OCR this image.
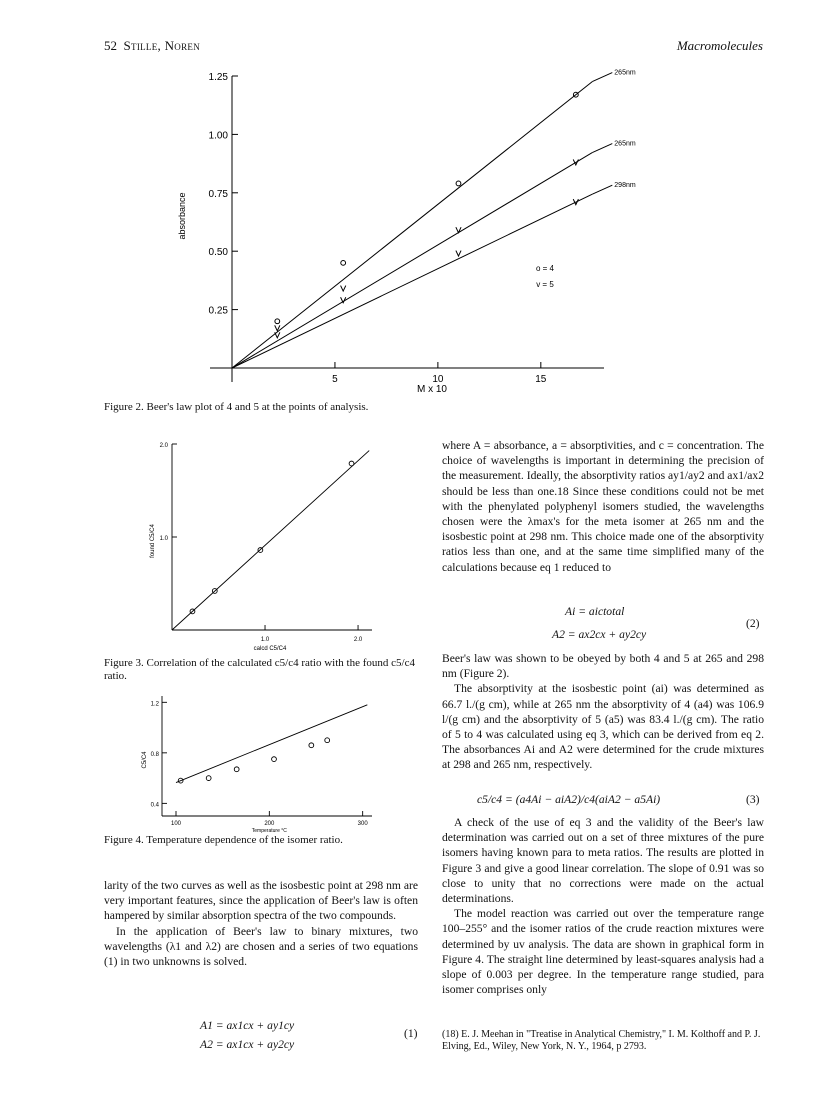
52 Stille, Noren	Macromolecules
0.25
0.50
0.75
1.00
1.25
5	10	15
absorbance
M x 10
265nm
265nm
298nm
o = 4
v = 5
Figure 2. Beer's law plot of 4 and 5 at the points of analysis.
1.0
2.0
1.0	2.0
calcd C5/C4
found C5/C4
Figure 3. Correlation of the calculated c5/c4 ratio with the found c5/c4 ratio.
0.4
0.8
1.2
100	200	300
Temperature °C
C5/C4
Figure 4. Temperature dependence of the isomer ratio.

larity of the two curves as well as the isosbestic point at 298 nm are very important features, since the application of Beer's law is often hampered by similar absorption spectra of the two compounds.

In the application of Beer's law to binary mixtures, two wavelengths (λ1 and λ2) are chosen and a series of two equations (1) in two unknowns is solved.

A1 = ax1cx + ay1cy
A2 = ax1cx + ay2cy
(1)

where A = absorbance, a = absorptivities, and c = concentration. The choice of wavelengths is important in determining the precision of the measurement. Ideally, the absorptivity ratios ay1/ay2 and ax1/ax2 should be less than one.18 Since these conditions could not be met with the phenylated polyphenyl isomers studied, the wavelengths chosen were the λmax's for the meta isomer at 265 nm and the isosbestic point at 298 nm. This choice made one of the absorptivity ratios less than one, and at the same time simplified many of the calculations because eq 1 reduced to

Ai = aictotal
A2 = ax2cx + ay2cy
(2)

Beer's law was shown to be obeyed by both 4 and 5 at 265 and 298 nm (Figure 2).

The absorptivity at the isosbestic point (ai) was determined as 66.7 l./(g cm), while at 265 nm the absorptivity of 4 (a4) was 106.9 l/(g cm) and the absorptivity of 5 (a5) was 83.4 l./(g cm). The ratio of 5 to 4 was calculated using eq 3, which can be derived from eq 2. The absorbances Ai and A2 were determined for the crude mixtures at 298 and 265 nm, respectively.

c5/c4 = (a4Ai − aiA2)/c4(aiA2 − a5Ai)	(3)

A check of the use of eq 3 and the validity of the Beer's law determination was carried out on a set of three mixtures of the pure isomers having known para to meta ratios. The results are plotted in Figure 3 and give a good linear correlation. The slope of 0.91 was so close to unity that no corrections were made on the actual determinations.

The model reaction was carried out over the temperature range 100–255° and the isomer ratios of the crude reaction mixtures were determined by uv analysis. The data are shown in graphical form in Figure 4. The straight line determined by least-squares analysis had a slope of 0.003 per degree. In the temperature range studied, para isomer comprises only

(18) E. J. Meehan in "Treatise in Analytical Chemistry," I. M. Kolthoff and P. J. Elving, Ed., Wiley, New York, N. Y., 1964, p 2793.
